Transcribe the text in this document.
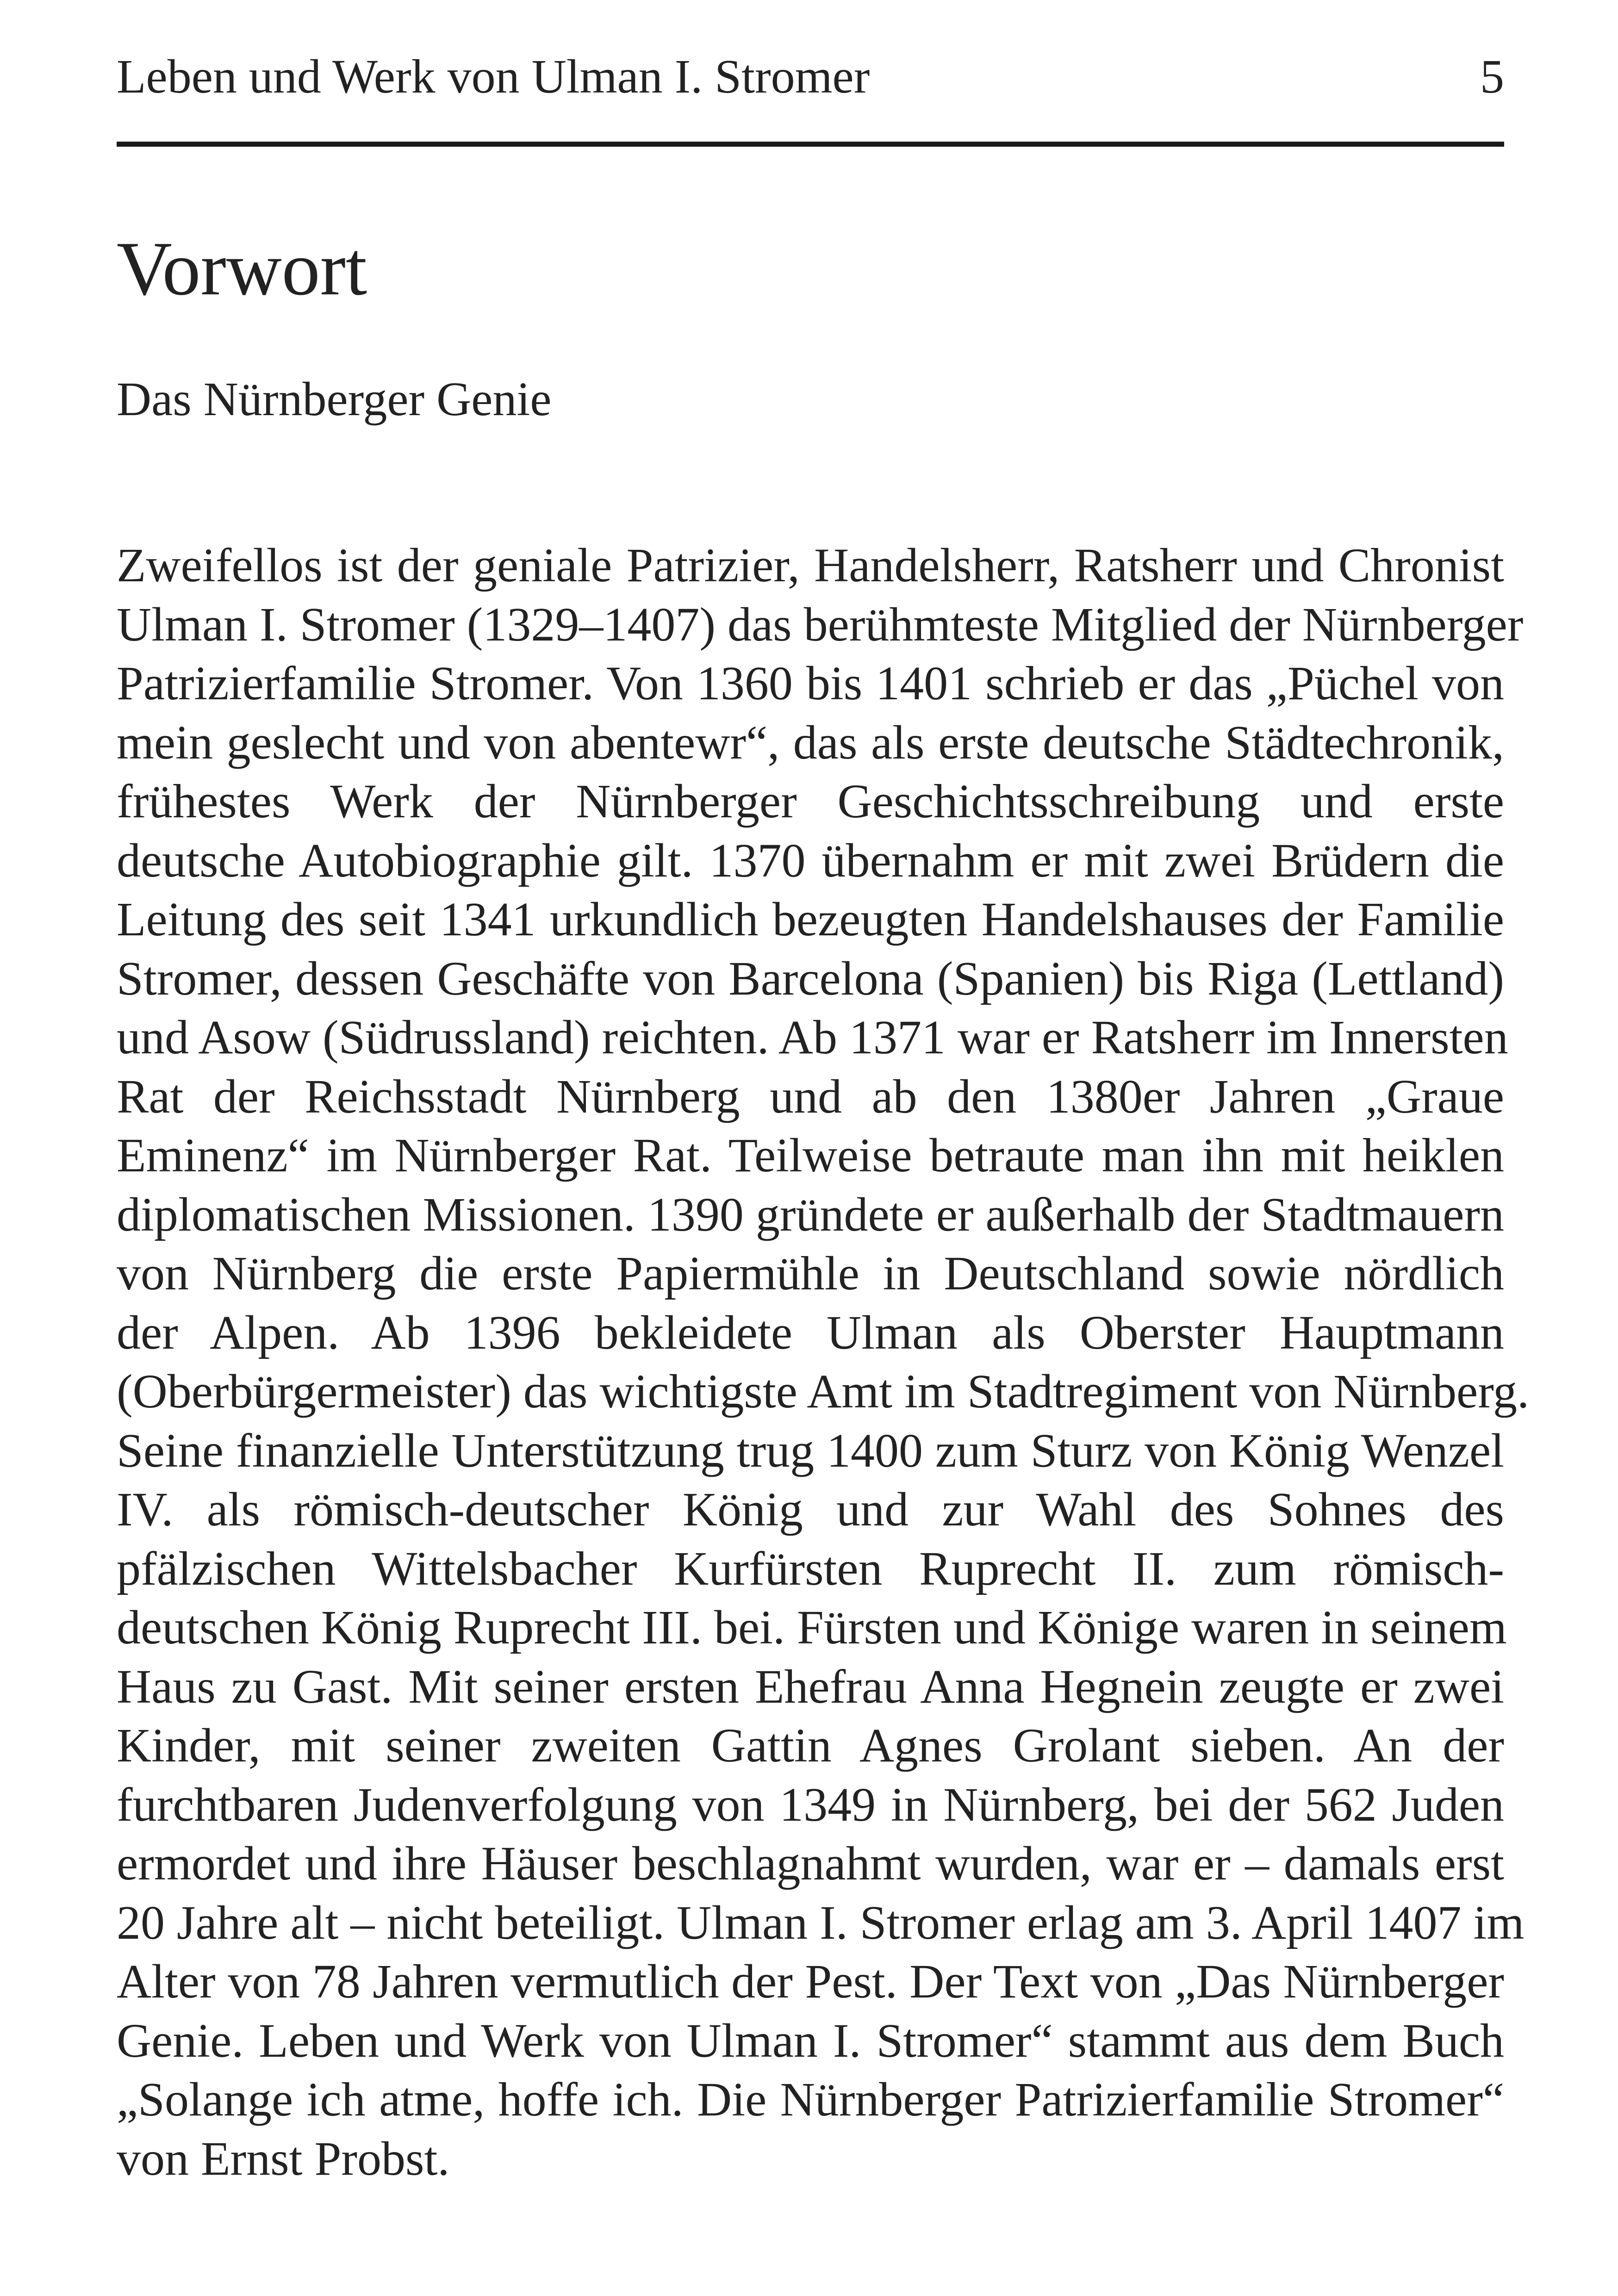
Leben und Werk von Ulman I. Stromer	5
Vorwort
Das Nürnberger Genie
Zweifellos ist der geniale Patrizier, Handelsherr, Ratsherr und Chronist
Ulman I. Stromer (1329–1407) das berühmteste Mitglied der Nürnberger
Patrizierfamilie Stromer. Von 1360 bis 1401 schrieb er das „Püchel von
mein geslecht und von abentewr“, das als erste deutsche Städtechronik,
frühestes Werk der Nürnberger Geschichtsschreibung und erste
deutsche Autobiographie gilt. 1370 übernahm er mit zwei Brüdern die
Leitung des seit 1341 urkundlich bezeugten Handelshauses der Familie
Stromer, dessen Geschäfte von Barcelona (Spanien) bis Riga (Lettland)
und Asow (Südrussland) reichten. Ab 1371 war er Ratsherr im Innersten
Rat der Reichsstadt Nürnberg und ab den 1380er Jahren „Graue
Eminenz“ im Nürnberger Rat. Teilweise betraute man ihn mit heiklen
diplomatischen Missionen. 1390 gründete er außerhalb der Stadtmauern
von Nürnberg die erste Papiermühle in Deutschland sowie nördlich
der Alpen. Ab 1396 bekleidete Ulman als Oberster Hauptmann
(Oberbürgermeister) das wichtigste Amt im Stadtregiment von Nürnberg.
Seine finanzielle Unterstützung trug 1400 zum Sturz von König Wenzel
IV. als römisch-deutscher König und zur Wahl des Sohnes des
pfälzischen Wittelsbacher Kurfürsten Ruprecht II. zum römisch-
deutschen König Ruprecht III. bei. Fürsten und Könige waren in seinem
Haus zu Gast. Mit seiner ersten Ehefrau Anna Hegnein zeugte er zwei
Kinder, mit seiner zweiten Gattin Agnes Grolant sieben. An der
furchtbaren Judenverfolgung von 1349 in Nürnberg, bei der 562 Juden
ermordet und ihre Häuser beschlagnahmt wurden, war er – damals erst
20 Jahre alt – nicht beteiligt. Ulman I. Stromer erlag am 3. April 1407 im
Alter von 78 Jahren vermutlich der Pest. Der Text von „Das Nürnberger
Genie. Leben und Werk von Ulman I. Stromer“ stammt aus dem Buch
„Solange ich atme, hoffe ich. Die Nürnberger Patrizierfamilie Stromer“
von Ernst Probst.
